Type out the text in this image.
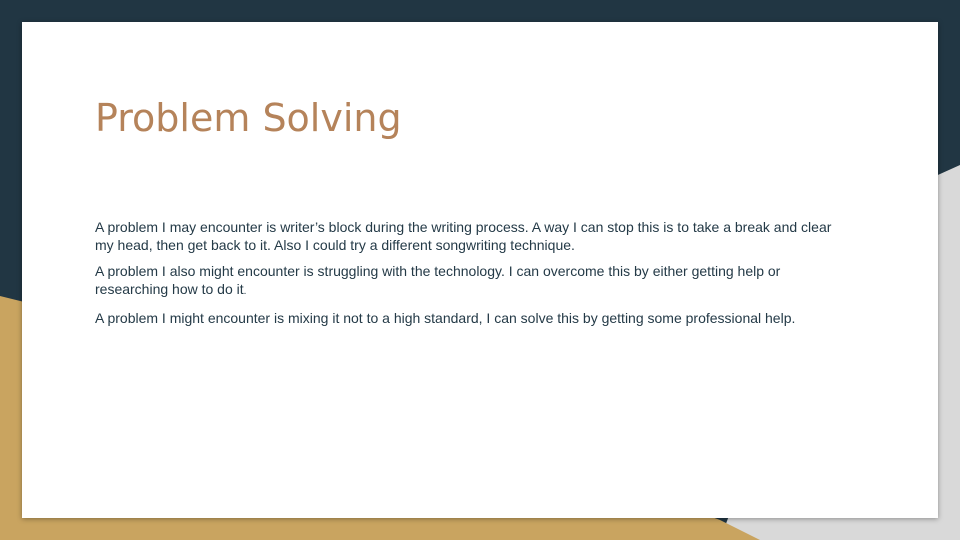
Problem Solving

A problem I may encounter is writer’s block during the writing process. A way I can stop this is to take a break and clear my head, then get back to it. Also I could try a different songwriting technique.

A problem I also might encounter is struggling with the technology. I can overcome this by either getting help or researching how to do it.

A problem I might encounter is mixing it not to a high standard, I can solve this by getting some professional help.
